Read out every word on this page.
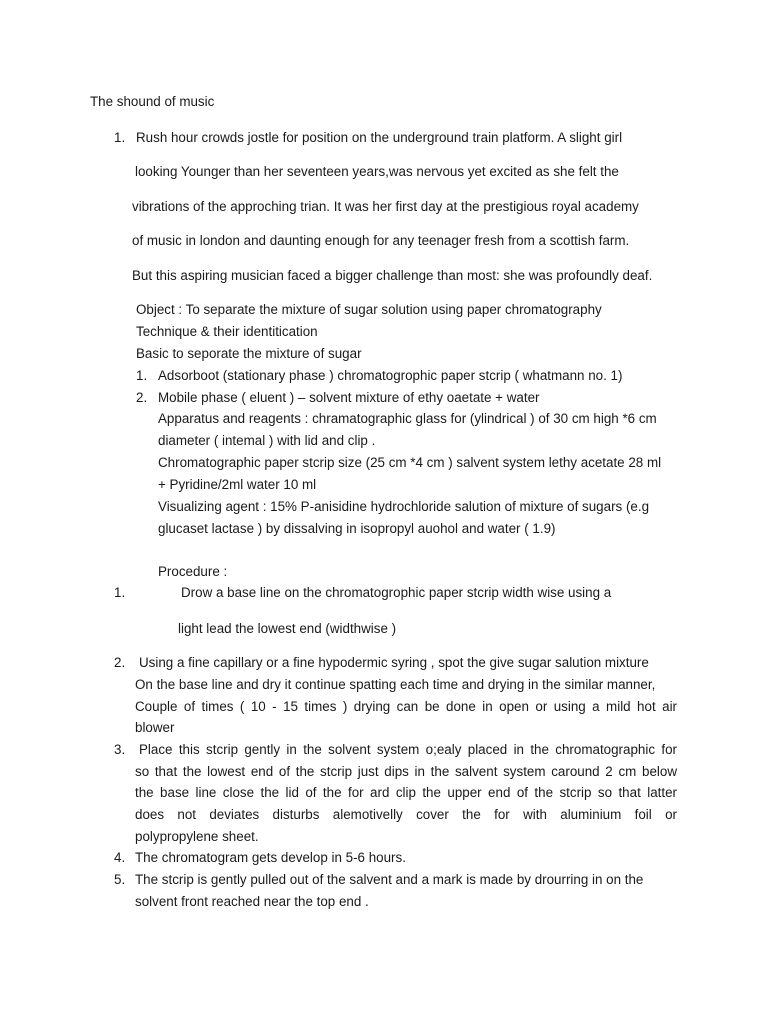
The shound of music
1. Rush hour crowds jostle for position on the underground train platform. A slight girl
looking Younger than her seventeen years,was nervous yet excited as she felt the
vibrations of the approching trian. It was her first day at the prestigious royal academy
of music in london and daunting enough for any teenager fresh from a scottish farm.
But this aspiring musician faced a bigger challenge than most: she was profoundly deaf.
Object : To separate the mixture of sugar solution using paper chromatography
Technique & their identitication
Basic to seporate the mixture of sugar
1. Adsorboot (stationary phase ) chromatogrophic paper stcrip ( whatmann no. 1)
2. Mobile phase ( eluent ) – solvent mixture of ethy oaetate + water
Apparatus and reagents : chramatographic glass for (ylindrical ) of 30 cm high *6 cm
diameter ( intemal ) with lid and clip .
Chromatographic paper stcrip size (25 cm *4 cm ) salvent system lethy acetate 28 ml
+ Pyridine/2ml water 10 ml
Visualizing agent : 15% P-anisidine hydrochloride salution of mixture of sugars (e.g
glucaset lactase ) by dissalving in isopropyl auohol and water ( 1.9)
Procedure :
1.	Drow a base line on the chromatogrophic paper stcrip width wise using a
light lead the lowest end (widthwise )
2. Using a fine capillary or a fine hypodermic syring , spot the give sugar salution mixture
On the base line and dry it continue spatting each time and drying in the similar manner,
Couple of times ( 10 - 15 times ) drying can be done in open or using a mild hot air
blower
3. Place this stcrip gently in the solvent system o;ealy placed in the chromatographic for
so that the lowest end of the stcrip just dips in the salvent system caround 2 cm below
the base line close the lid of the for ard clip the upper end of the stcrip so that latter
does not deviates disturbs alemotivelly cover the for with aluminium foil or
polypropylene sheet.
4. The chromatogram gets develop in 5-6 hours.
5. The stcrip is gently pulled out of the salvent and a mark is made by drourring in on the
solvent front reached near the top end .
